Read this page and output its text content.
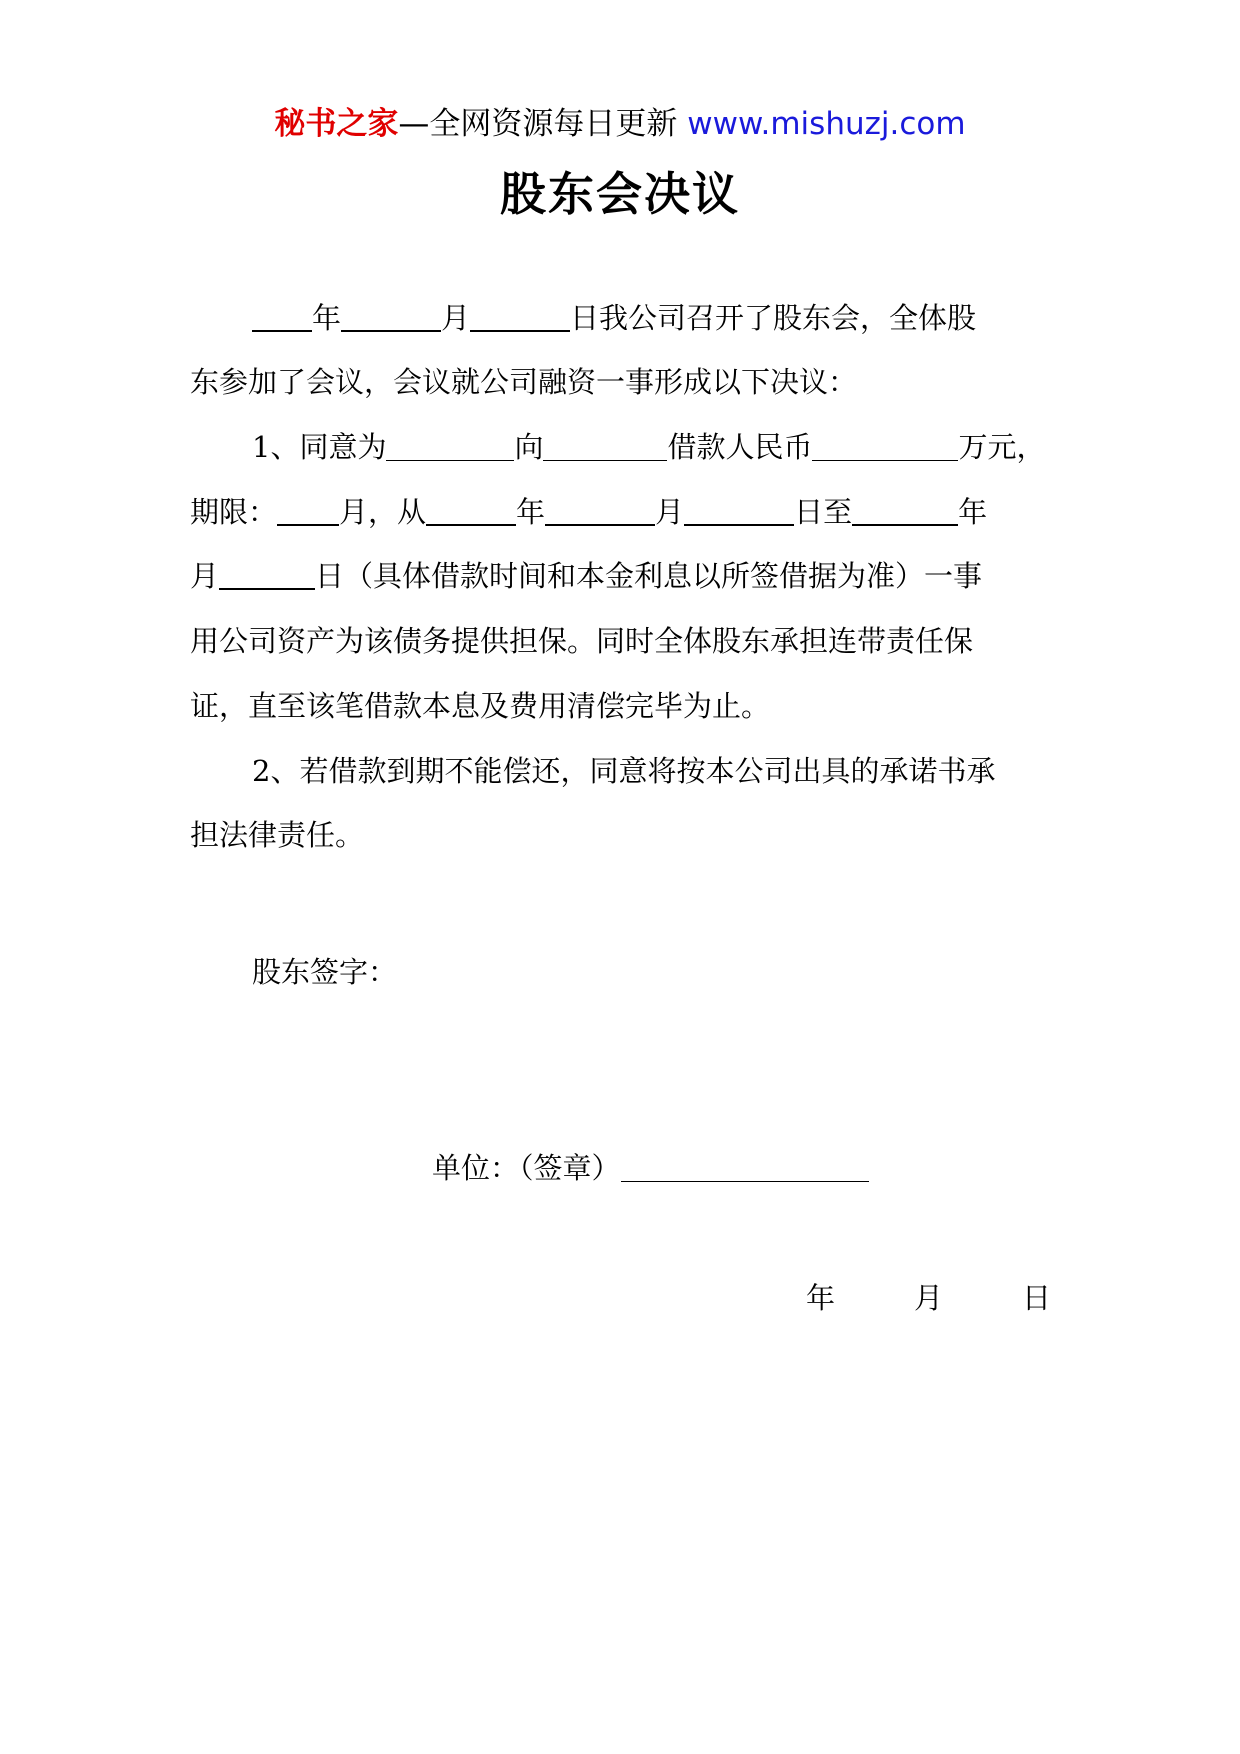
秘书之家—全网资源每日更新 www.mishuzj.com
股东会决议
年	月	日我公司召开了股东会，全体股
东参加了会议，会议就公司融资一事形成以下决议：
1、同意为	向	借款人民币	万元，
期限： 月，从	年	月	日至	年
月	日（具体借款时间和本金利息以所签借据为准）一事
用公司资产为该债务提供担保。同时全体股东承担连带责任保
证，直至该笔借款本息及费用清偿完毕为止。
2、若借款到期不能偿还，同意将按本公司出具的承诺书承
担法律责任。
股东签字：
单位：（签章）
年	月	日
